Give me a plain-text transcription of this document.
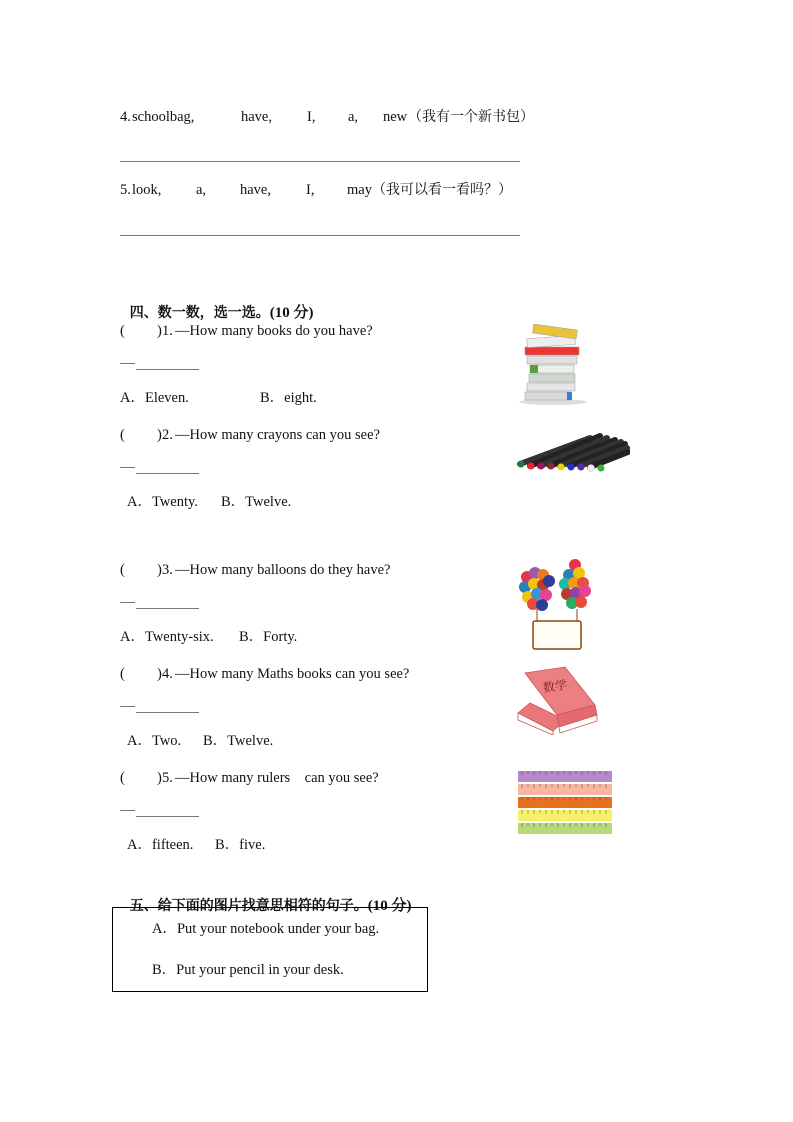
4. schoolbag,	have, I, a, new （我有一个新书包）
5. look, a, have, I, may （我可以看一看吗？）

四、数一数，选一选。(10 分)

( ) 1. —How many books do you have?
A．Eleven.	B．eight.
( ) 2. —How many crayons can you see?
A．Twenty. B．Twelve.
( ) 3. —How many balloons do they have?
A．Twenty-six. B．Forty.
( ) 4. —How many Maths books can you see?
A．Two. B．Twelve.
( ) 5. —How many rulers    can you see?
A．fifteen. B．five.
数学

五、给下面的图片找意思相符的句子。(10 分)

A．Put your notebook under your bag.
B．Put your pencil in your desk.
